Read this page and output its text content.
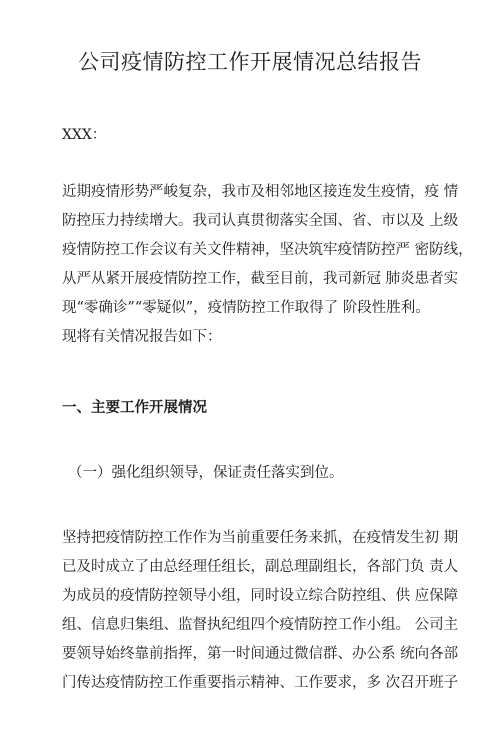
公司疫情防控工作开展情况总结报告
XXX：

近期疫情形势严峻复杂，我市及相邻地区接连发生疫情，疫 情
防控压力持续增大。我司认真贯彻落实全国、省、市以及 上级
疫情防控工作会议有关文件精神，坚决筑牢疫情防控严 密防线，
从严从紧开展疫情防控工作，截至目前，我司新冠 肺炎患者实
现“零确诊”“零疑似”，疫情防控工作取得了 阶段性胜利。
现将有关情况报告如下：

一、主要工作开展情况
（一）强化组织领导，保证责任落实到位。

坚持把疫情防控工作作为当前重要任务来抓，在疫情发生初 期
已及时成立了由总经理任组长，副总理副组长，各部门负 责人
为成员的疫情防控领导小组，同时设立综合防控组、供 应保障
组、信息归集组、监督执纪组四个疫情防控工作小组。 公司主
要领导始终靠前指挥，第一时间通过微信群、办公系 统向各部
门传达疫情防控工作重要指示精神、工作要求，多 次召开班子
